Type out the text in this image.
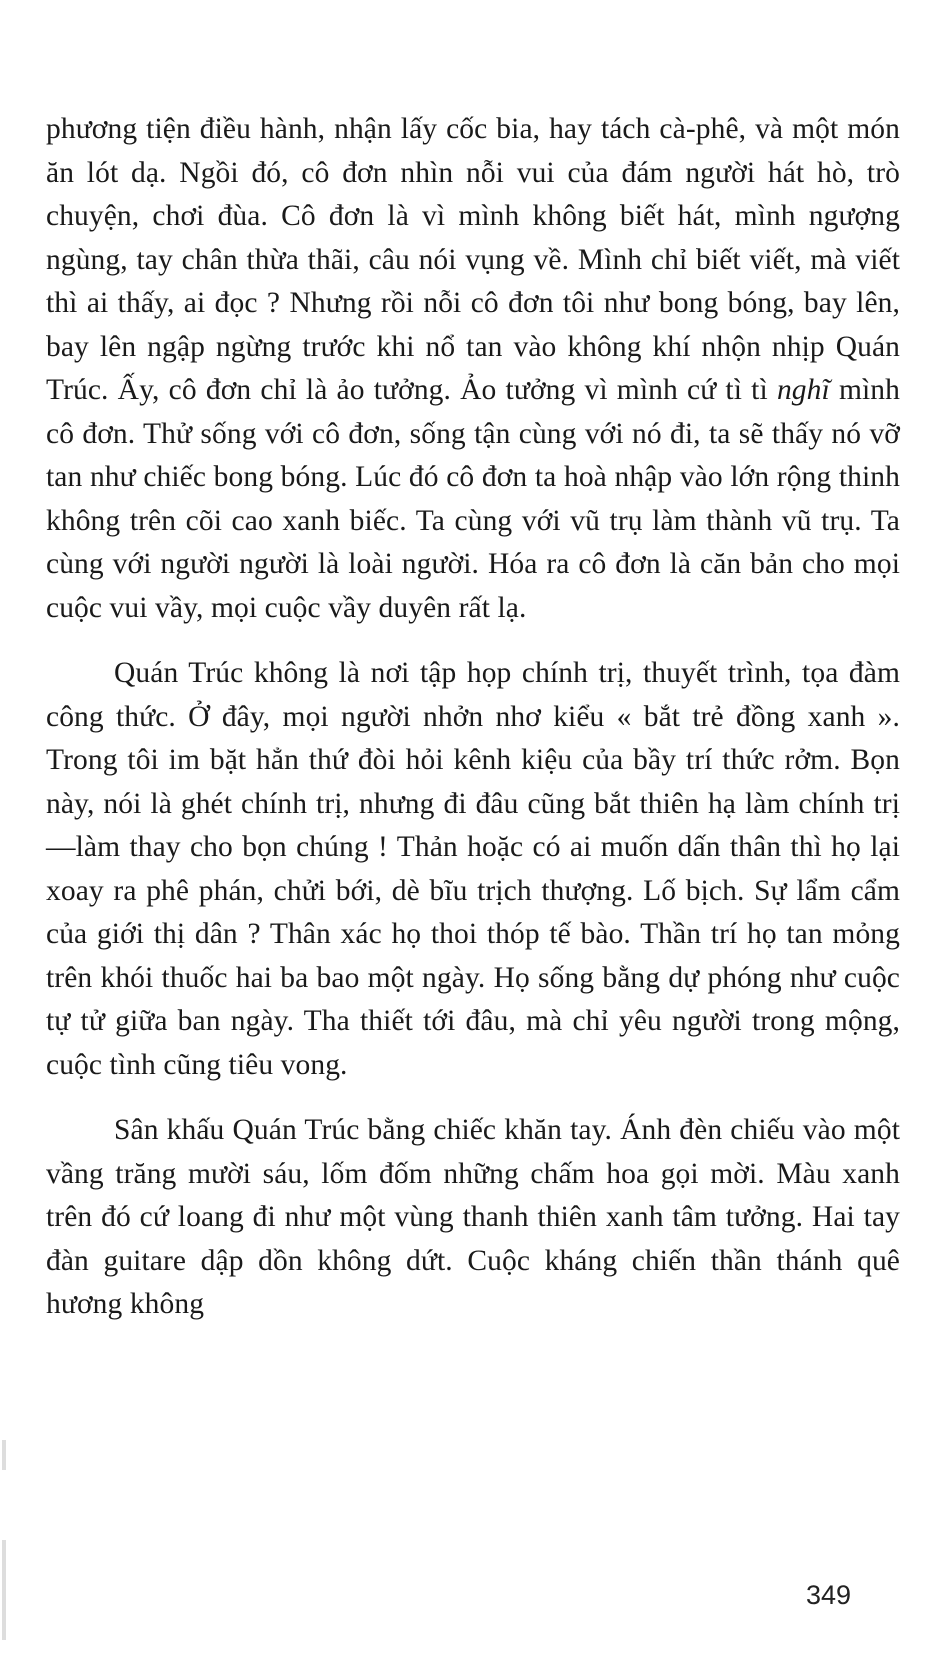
phương tiện điều hành, nhận lấy cốc bia, hay tách cà-phê, và một món ăn lót dạ. Ngồi đó, cô đơn nhìn nỗi vui của đám người hát hò, trò chuyện, chơi đùa. Cô đơn là vì mình không biết hát, mình ngượng ngùng, tay chân thừa thãi, câu nói vụng về. Mình chỉ biết viết, mà viết thì ai thấy, ai đọc ? Nhưng rồi nỗi cô đơn tôi như bong bóng, bay lên, bay lên ngập ngừng trước khi nổ tan vào không khí nhộn nhịp Quán Trúc. Ấy, cô đơn chỉ là ảo tưởng. Ảo tưởng vì mình cứ tì tì nghĩ mình cô đơn. Thử sống với cô đơn, sống tận cùng với nó đi, ta sẽ thấy nó vỡ tan như chiếc bong bóng. Lúc đó cô đơn ta hoà nhập vào lớn rộng thinh không trên cõi cao xanh biếc. Ta cùng với vũ trụ làm thành vũ trụ. Ta cùng với người người là loài người. Hóa ra cô đơn là căn bản cho mọi cuộc vui vầy, mọi cuộc vầy duyên rất lạ.

Quán Trúc không là nơi tập họp chính trị, thuyết trình, tọa đàm công thức. Ở đây, mọi người nhởn nhơ kiểu « bắt trẻ đồng xanh ». Trong tôi im bặt hẳn thứ đòi hỏi kênh kiệu của bầy trí thức rởm. Bọn này, nói là ghét chính trị, nhưng đi đâu cũng bắt thiên hạ làm chính trị —làm thay cho bọn chúng ! Thản hoặc có ai muốn dấn thân thì họ lại xoay ra phê phán, chửi bới, dè bĩu trịch thượng. Lố bịch. Sự lẩm cẩm của giới thị dân ? Thân xác họ thoi thóp tế bào. Thần trí họ tan mỏng trên khói thuốc hai ba bao một ngày. Họ sống bằng dự phóng như cuộc tự tử giữa ban ngày. Tha thiết tới đâu, mà chỉ yêu người trong mộng, cuộc tình cũng tiêu vong.

Sân khấu Quán Trúc bằng chiếc khăn tay. Ánh đèn chiếu vào một vầng trăng mười sáu, lốm đốm những chấm hoa gọi mời. Màu xanh trên đó cứ loang đi như một vùng thanh thiên xanh tâm tưởng. Hai tay đàn guitare dập dồn không dứt. Cuộc kháng chiến thần thánh quê hương không

349
